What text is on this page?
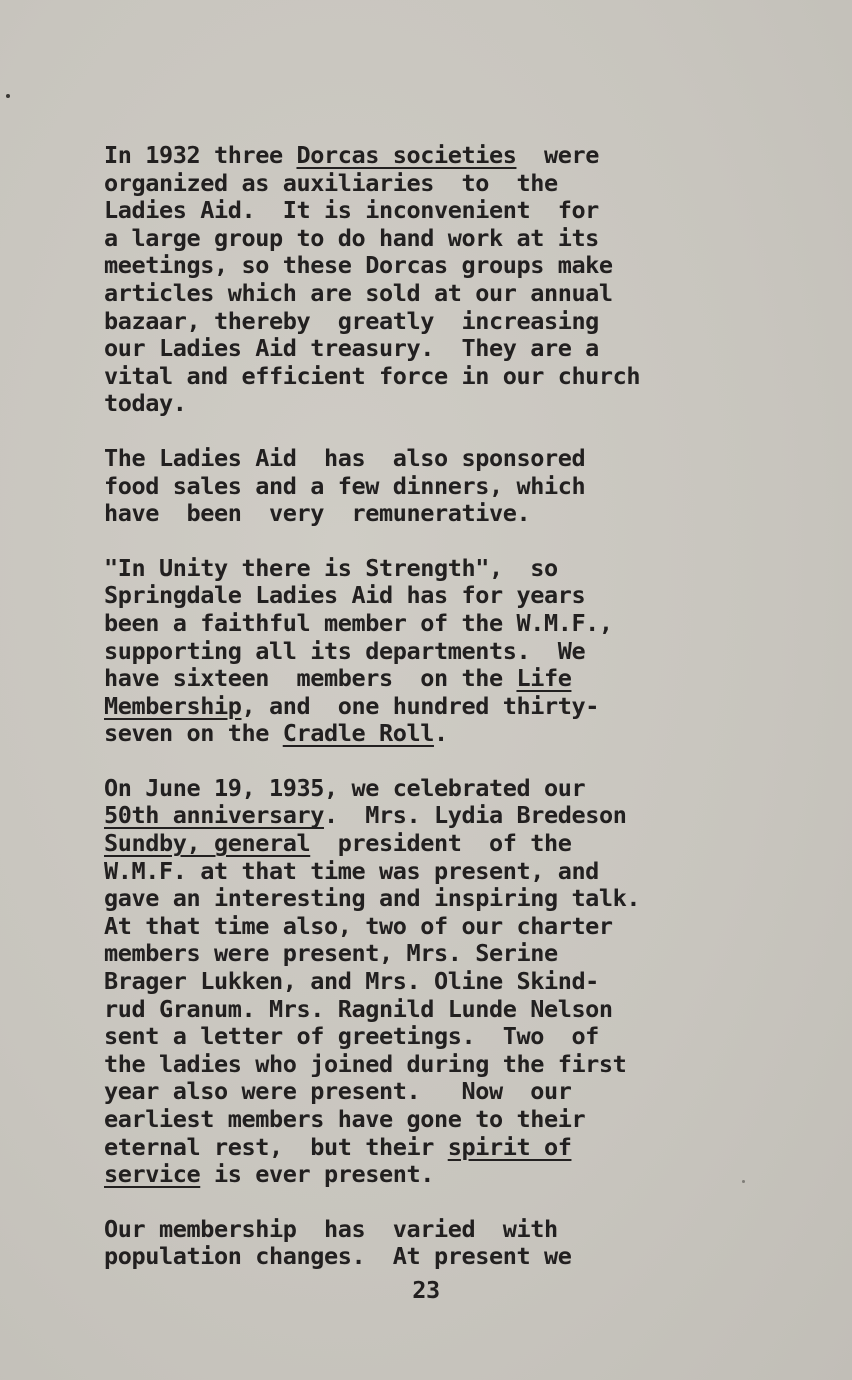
In 1932 three Dorcas societies  were
organized as auxiliaries  to  the
Ladies Aid.  It is inconvenient  for
a large group to do hand work at its
meetings, so these Dorcas groups make
articles which are sold at our annual
bazaar, thereby  greatly  increasing
our Ladies Aid treasury.  They are a
vital and efficient force in our church
today.
The Ladies Aid  has  also sponsored
food sales and a few dinners, which
have  been  very  remunerative.
"In Unity there is Strength",  so
Springdale Ladies Aid has for years
been a faithful member of the W.M.F.,
supporting all its departments.  We
have sixteen  members  on the Life
Membership, and  one hundred thirty-
seven on the Cradle Roll.
On June 19, 1935, we celebrated our
50th anniversary.  Mrs. Lydia Bredeson
Sundby, general  president  of the
W.M.F. at that time was present, and
gave an interesting and inspiring talk.
At that time also, two of our charter
members were present, Mrs. Serine
Brager Lukken, and Mrs. Oline Skind-
rud Granum. Mrs. Ragnild Lunde Nelson
sent a letter of greetings.  Two  of
the ladies who joined during the first
year also were present.   Now  our
earliest members have gone to their
eternal rest,  but their spirit of
service is ever present.
Our membership  has  varied  with
population changes.  At present we
23
